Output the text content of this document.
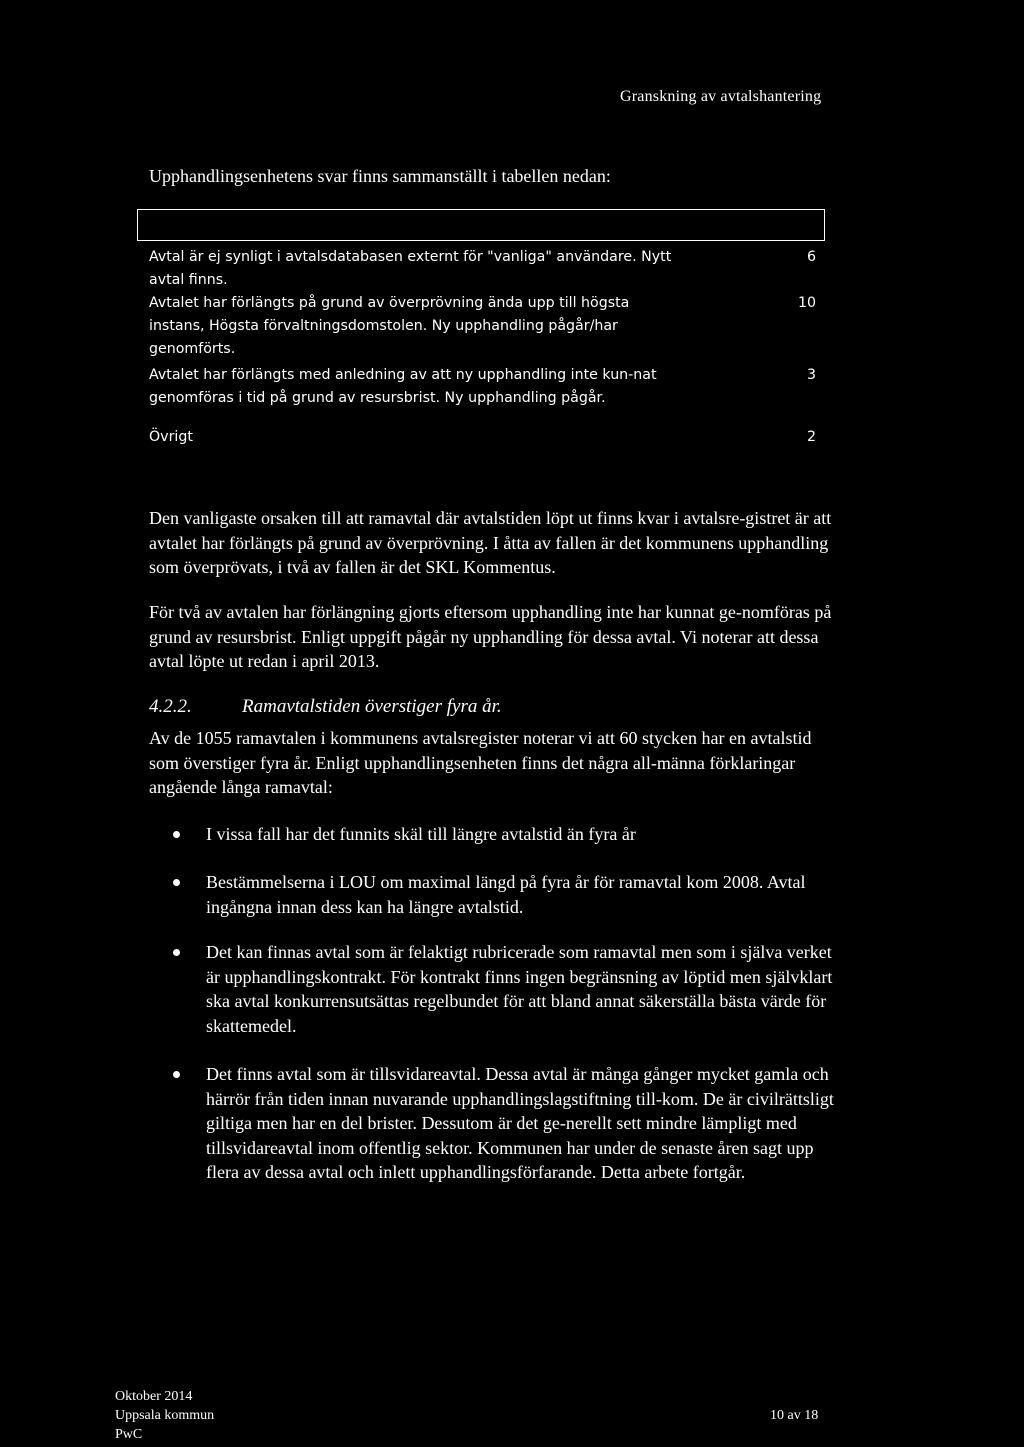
Granskning av avtalshantering
Upphandlingsenhetens svar finns sammanställt i tabellen nedan:
Avtal är ej synligt i avtalsdatabasen externt för "vanliga" användare. Nytt avtal finns.
6
Avtalet har förlängts på grund av överprövning ända upp till högsta instans, Högsta förvaltningsdomstolen. Ny upphandling pågår/har genomförts.
10
Avtalet har förlängts med anledning av att ny upphandling inte kun-nat genomföras i tid på grund av resursbrist. Ny upphandling pågår.
3
Övrigt	2
Den vanligaste orsaken till att ramavtal där avtalstiden löpt ut finns kvar i avtalsre-gistret är att avtalet har förlängts på grund av överprövning. I åtta av fallen är det kommunens upphandling som överprövats, i två av fallen är det SKL Kommentus.
För två av avtalen har förlängning gjorts eftersom upphandling inte har kunnat ge-nomföras på grund av resursbrist. Enligt uppgift pågår ny upphandling för dessa avtal. Vi noterar att dessa avtal löpte ut redan i april 2013.
4.2.2.	Ramavtalstiden överstiger fyra år.
Av de 1055 ramavtalen i kommunens avtalsregister noterar vi att 60 stycken har en avtalstid som överstiger fyra år. Enligt upphandlingsenheten finns det några all-männa förklaringar angående långa ramavtal:
I vissa fall har det funnits skäl till längre avtalstid än fyra år
Bestämmelserna i LOU om maximal längd på fyra år för ramavtal kom 2008. Avtal ingångna innan dess kan ha längre avtalstid.
Det kan finnas avtal som är felaktigt rubricerade som ramavtal men som i själva verket är upphandlingskontrakt. För kontrakt finns ingen begränsning av löptid men självklart ska avtal konkurrensutsättas regelbundet för att bland annat säkerställa bästa värde för skattemedel.
Det finns avtal som är tillsvidareavtal. Dessa avtal är många gånger mycket gamla och härrör från tiden innan nuvarande upphandlingslagstiftning till-kom. De är civilrättsligt giltiga men har en del brister. Dessutom är det ge-nerellt sett mindre lämpligt med tillsvidareavtal inom offentlig sektor. Kommunen har under de senaste åren sagt upp flera av dessa avtal och inlett upphandlingsförfarande. Detta arbete fortgår.
Oktober 2014
Uppsala kommun
PwC
10 av 18
